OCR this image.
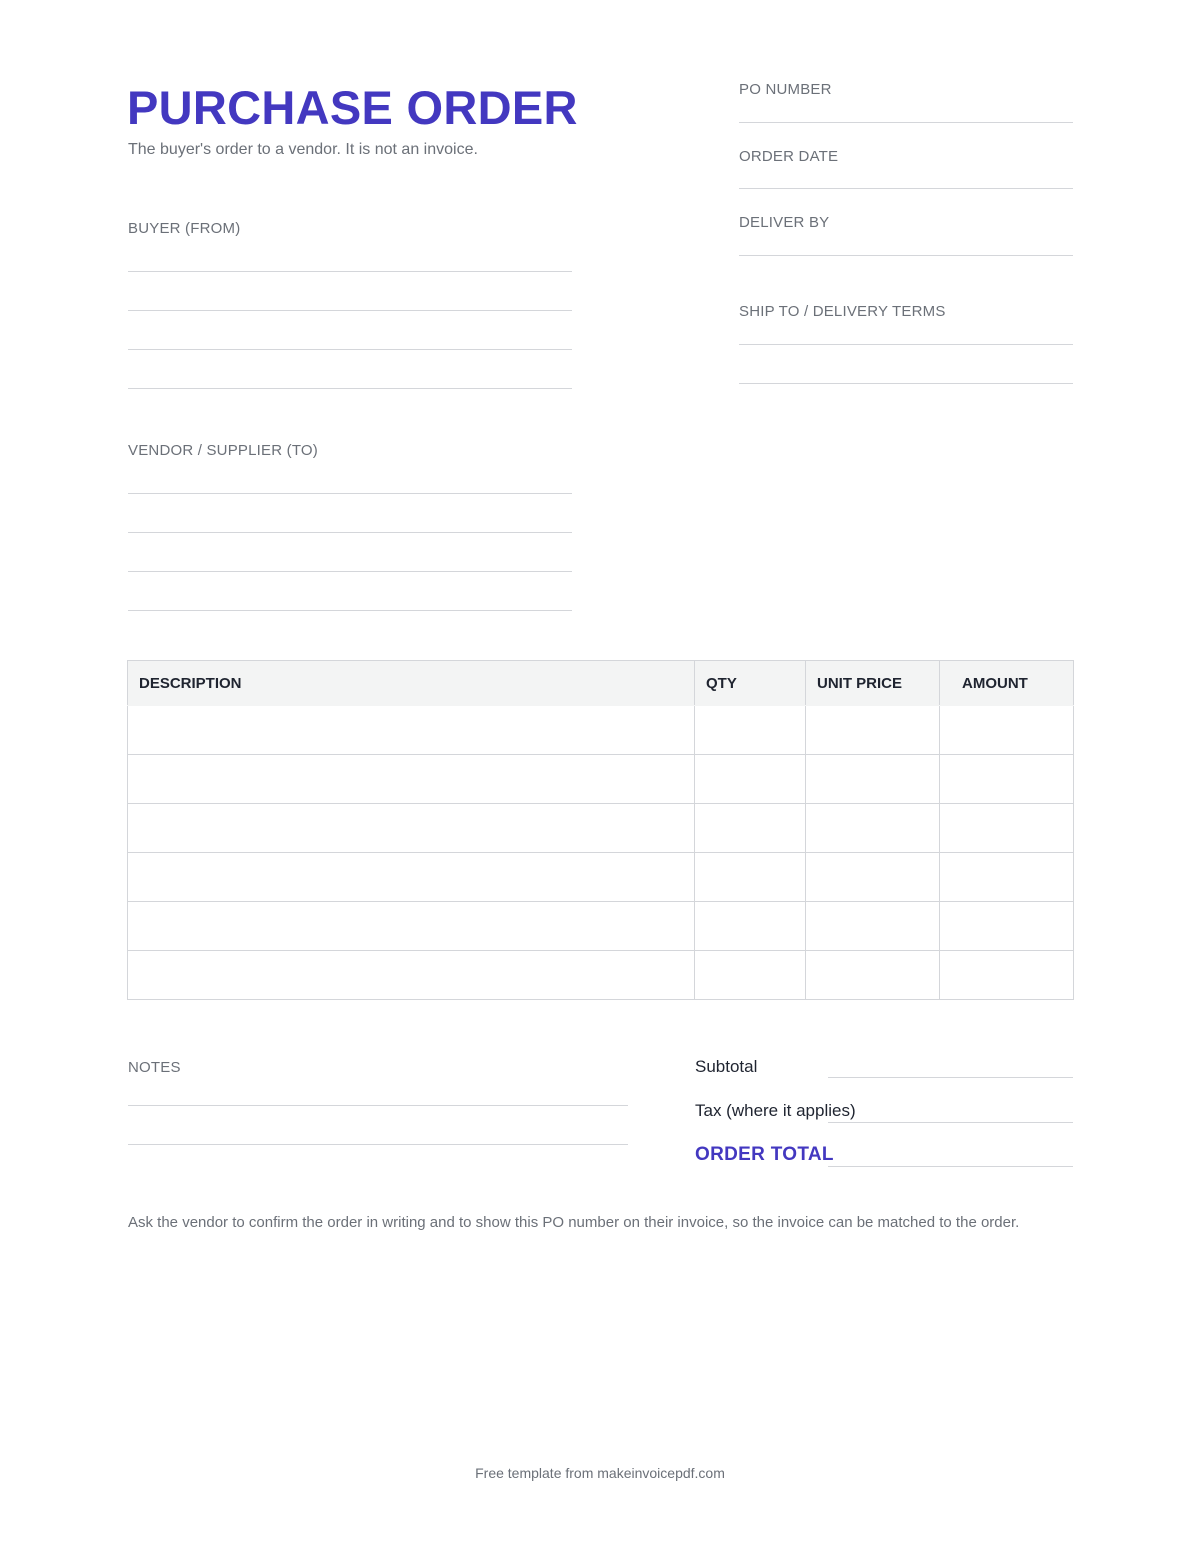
PURCHASE ORDER
The buyer's order to a vendor. It is not an invoice.
PO NUMBER
ORDER DATE
DELIVER BY
SHIP TO / DELIVERY TERMS
BUYER (FROM)
VENDOR / SUPPLIER (TO)
DESCRIPTION	QTY	UNIT PRICE	AMOUNT

NOTES	Subtotal
Tax (where it applies)
ORDER TOTAL
Ask the vendor to confirm the order in writing and to show this PO number on their invoice, so the invoice can be matched to the order.
Free template from makeinvoicepdf.com
